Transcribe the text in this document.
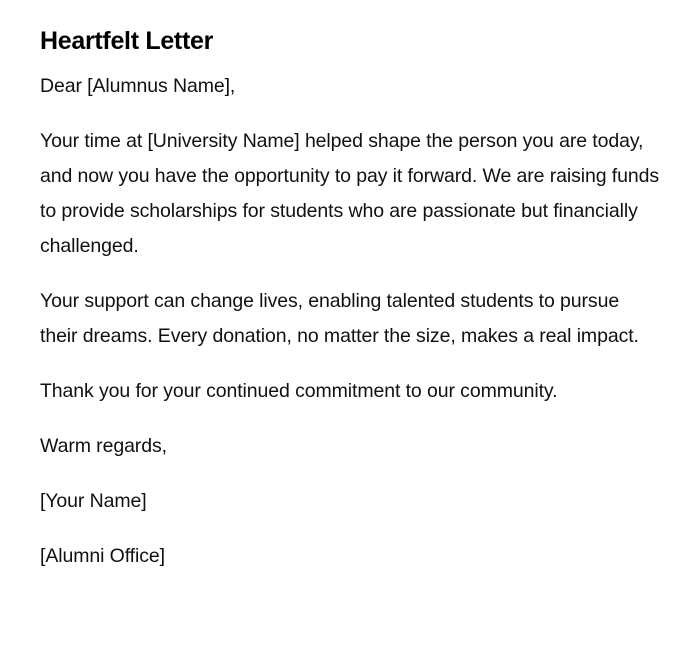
Heartfelt Letter

Dear [Alumnus Name],

Your time at [University Name] helped shape the person you are today, and now you have the opportunity to pay it forward. We are raising funds to provide scholarships for students who are passionate but financially challenged.

Your support can change lives, enabling talented students to pursue their dreams. Every donation, no matter the size, makes a real impact.

Thank you for your continued commitment to our community.

Warm regards,

[Your Name]

[Alumni Office]
